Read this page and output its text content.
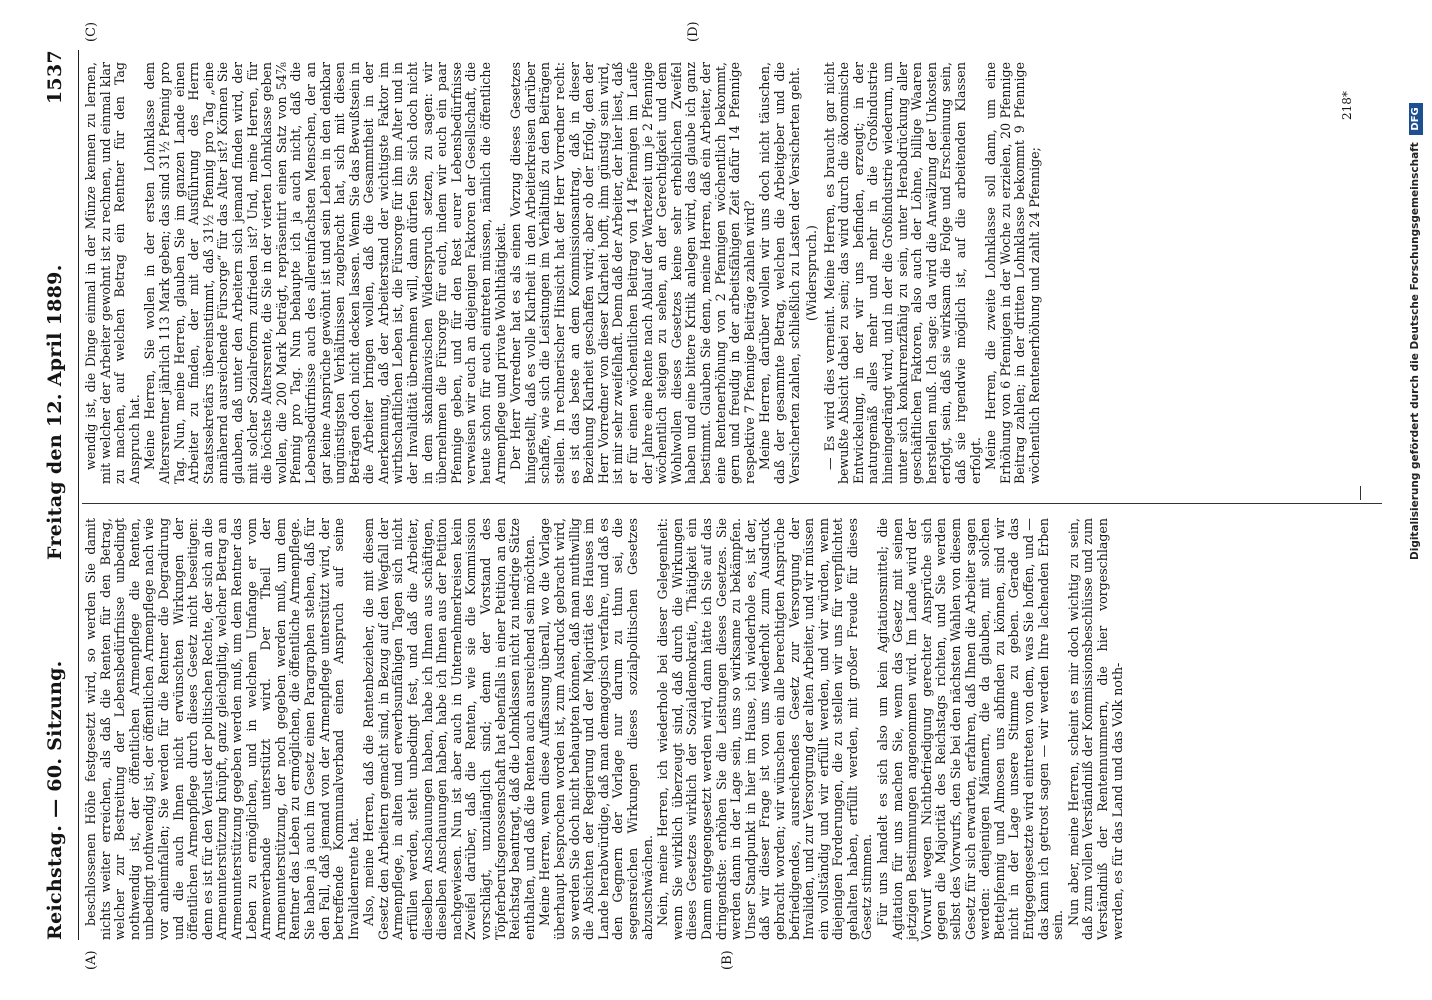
Reichstag. — 60. Sitzung.
Freitag den 12. April 1889.
1537
(A)	(B)
(C)	(D)

beschlossenen Höhe festgesetzt wird, so werden Sie damit nichts weiter erreichen, als daß die Renten für den Betrag, welcher zur Bestreitung der Lebensbedürfnisse unbedingt nothwendig ist, der öffentlichen Armenpflege die Renten, unbedingt nothwendig ist, der öffentlichen Armenpflege nach wie vor anheimfallen; Sie werden für die Rentner die Degradirung und die auch Ihnen nicht erwünschten Wirkungen der öffentlichen Armenpflege durch dieses Gesetz nicht beseitigen: denn es ist für den Verlust der politischen Rechte, der sich an die Armenunterstützung knüpft, ganz gleichgiltig, welcher Betrag an Armenunterstützung gegeben werden muß, um dem Rentner das Leben zu ermöglichen, und in welchem Umfange er vom Armenverbande unterstützt wird. Der Theil der Armenunterstützung, der noch gegeben werden muß, um dem Rentner das Leben zu ermöglichen, die öffentliche Armenpflege. Sie haben ja auch im Gesetz einen Paragraphen stehen, daß für den Fall, daß jemand von der Armenpflege unterstützt wird, der betreffende Kommunalverband einen Anspruch auf seine Invalidenrente hat. Also, meine Herren, daß die Rentenbezieher, die mit diesem Gesetz den Arbeitern gemacht sind, in Bezug auf den Wegfall der Armenpflege, in alten und erwerbsunfähigen Tagen sich nicht erfüllen werden, steht unbedingt fest, und daß die Arbeiter, dieselben Anschauungen haben, habe ich Ihnen aus schäftigen, dieselben Anschauungen haben, habe ich Ihnen aus der Petition nachgewiesen. Nun ist aber auch in Unternehmerkreisen kein Zweifel darüber, daß die Renten, wie sie die Kommission vorschlägt, unzulänglich sind; denn der Vorstand des Töpferberufsgenossenschaft hat ebenfalls in einer Petition an den Reichstag beantragt, daß die Lohnklassen nicht zu niedrige Sätze enthalten, und daß die Renten auch ausreichend sein möchten. Meine Herren, wenn diese Auffassung überall, wo die Vorlage überhaupt besprochen worden ist, zum Ausdruck gebracht wird, so werden Sie doch nicht behaupten können, daß man muthwillig die Absichten der Regierung und der Majorität des Hauses im Lande herabwürdige, daß man demagogisch verfahre, und daß es den Gegnern der Vorlage nur darum zu thun sei, die segensreichen Wirkungen dieses sozialpolitischen Gesetzes abzuschwächen. Nein, meine Herren, ich wiederhole bei dieser Gelegenheit: wenn Sie wirklich überzeugt sind, daß durch die Wirkungen dieses Gesetzes wirklich der Sozialdemokratie, Thätigkeit ein Damm entgegengesetzt werden wird, dann hätte ich Sie auf das dringendste: erhöhen Sie die Leistungen dieses Gesetzes. Sie werden dann in der Lage sein, uns so wirksame zu bekämpfen. Unser Standpunkt in hier im Hause, ich wiederhole es, ist der, daß wir dieser Frage ist von uns wiederholt zum Ausdruck gebracht worden; wir wünschen ein alle berechtigten Ansprüche befriedigendes, ausreichendes Gesetz zur Versorgung der Invaliden, und zur Versorgung der alten Arbeiter, und wir müssen ein vollständig und wir erfüllt werden, und wir würden, wenn diejenigen Forderungen, die zu stellen wir uns für verpflichtet gehalten haben, erfüllt werden, mit großer Freude für dieses Gesetz stimmen. Für uns handelt es sich also um kein Agitationsmittel; die Agitation für uns machen Sie, wenn das Gesetz mit seinen jetzigen Bestimmungen angenommen wird. Im Lande wird der Vorwurf wegen Nichtbefriedigung gerechter Ansprüche sich gegen die Majorität des Reichstags richten, und Sie werden selbst des Vorwurfs, den Sie bei den nächsten Wahlen von diesem Gesetz für sich erwarten, erfahren, daß Ihnen die Arbeiter sagen werden: denjenigen Männern, die da glauben, mit solchen Bettelpfennig und Almosen uns abfinden zu können, sind wir nicht in der Lage unsere Stimme zu geben. Gerade das Entgegengesetzte wird eintreten von dem, was Sie hoffen, und — das kann ich getrost sagen — wir werden Ihre lachenden Erben sein. Nun aber, meine Herren, scheint es mir doch wichtig zu sein, daß zum vollen Verständniß der Kommissionsbeschlüsse und zum Verständniß der Rentennummern, die hier vorgeschlagen werden, es für das Land und das Volk noth-

wendig ist, die Dinge einmal in der Münze kennen zu lernen, mit welcher der Arbeiter gewohnt ist zu rechnen, und einmal klar zu machen, auf welchen Betrag ein Rentner für den Tag Anspruch hat. Meine Herren, Sie wollen in der ersten Lohnklasse dem Altersrentner jährlich 113 Mark geben; das sind 31½ Pfennig pro Tag. Nun, meine Herren, glauben Sie im ganzen Lande einen Arbeiter zu finden, der mit der Ausführung des Herrn Staatssekretärs übereinstimmt, daß 31½ Pfennig pro Tag „eine annähernd ausreichende Fürsorge“ für das Alter ist? Können Sie glauben, daß unter den Arbeitern sich jemand finden wird, der mit solcher Sozialreform zufrieden ist? Und, meine Herren, für die höchste Altersrente, die Sie in der vierten Lohnklasse geben wollen, die 200 Mark beträgt, repräsentirt einen Satz von 54⅞ Pfennig pro Tag. Nun behaupte ich ja auch nicht, daß die Lebensbedürfnisse auch des allereinfachsten Menschen, der an gar keine Ansprüche gewöhnt ist und sein Leben in den denkbar ungünstigsten Verhältnissen zugebracht hat, sich mit diesen Beträgen doch nicht decken lassen. Wenn Sie das Bewußtsein in die Arbeiter bringen wollen, daß die Gesammtheit in der Anerkennung, daß der Arbeiterstand der wichtigste Faktor im wirthschaftlichen Leben ist, die Fürsorge für ihn im Alter und in der Invalidität übernehmen will, dann dürfen Sie sich doch nicht in dem skandinavischen Widerspruch setzen, zu sagen: wir übernehmen die Fürsorge für euch, indem wir euch ein paar Pfennige geben, und für den Rest eurer Lebensbedürfnisse verweisen wir euch an diejenigen Faktoren der Gesellschaft, die heute schon für euch eintreten müssen, nämlich die öffentliche Armenpflege und private Wohlthätigkeit. Der Herr Vorredner hat es als einen Vorzug dieses Gesetzes hingestellt, daß es volle Klarheit in den Arbeiterkreisen darüber schaffe, wie sich die Leistungen im Verhältniß zu den Beiträgen stellen. In rechnerischer Hinsicht hat der Herr Vorredner recht: es ist das beste an dem Kommissionsantrag, daß in dieser Beziehung Klarheit geschaffen wird; aber ob der Erfolg, den der Herr Vorredner von dieser Klarheit hofft, ihm günstig sein wird, ist mir sehr zweifelhaft. Denn daß der Arbeiter, der hier liest, daß er für einen wöchentlichen Beitrag von 14 Pfennigen im Laufe der Jahre eine Rente nach Ablauf der Wartezeit um je 2 Pfennige wöchentlich steigen zu sehen, an der Gerechtigkeit und dem Wohlwollen dieses Gesetzes keine sehr erheblichen Zweifel haben und eine bittere Kritik anlegen wird, das glaube ich ganz bestimmt. Glauben Sie denn, meine Herren, daß ein Arbeiter, der eine Rentenerhöhung von 2 Pfennigen wöchentlich bekommt, gern und freudig in der arbeitsfähigen Zeit dafür 14 Pfennige respektive 7 Pfennige Beiträge zahlen wird? Meine Herren, darüber wollen wir uns doch nicht täuschen, daß der gesammte Betrag, welchen die Arbeitgeber und die Versicherten zahlen, schließlich zu Lasten der Versicherten geht. (Widerspruch.) — Es wird dies verneint. Meine Herren, es braucht gar nicht bewußte Absicht dabei zu sein; das wird durch die ökonomische Entwickelung, in der wir uns befinden, erzeugt; in der naturgemäß alles mehr und mehr in die Großindustrie hineingedrängt wird, und in der die Großindustrie wiederum, um unter sich konkurrenzfähig zu sein, unter Herabdrückung aller geschäftlichen Faktoren, also auch der Löhne, billige Waaren herstellen muß. Ich sage: da wird die Anwälzung der Unkosten erfolgt, sein, daß sie wirksam die Folge und Erscheinung sein, daß sie irgendwie möglich ist, auf die arbeitenden Klassen erfolgt. Meine Herren, die zweite Lohnklasse soll dann, um eine Erhöhung von 6 Pfennigen in der Woche zu erzielen, 20 Pfennige Beitrag zahlen; in der dritten Lohnklasse bekommt 9 Pfennige wöchentlich Rentenerhöhung und zahlt 24 Pfennige;

218*
Digitalisierung gefördert durch die Deutsche Forschungsgemeinschaft DFG
